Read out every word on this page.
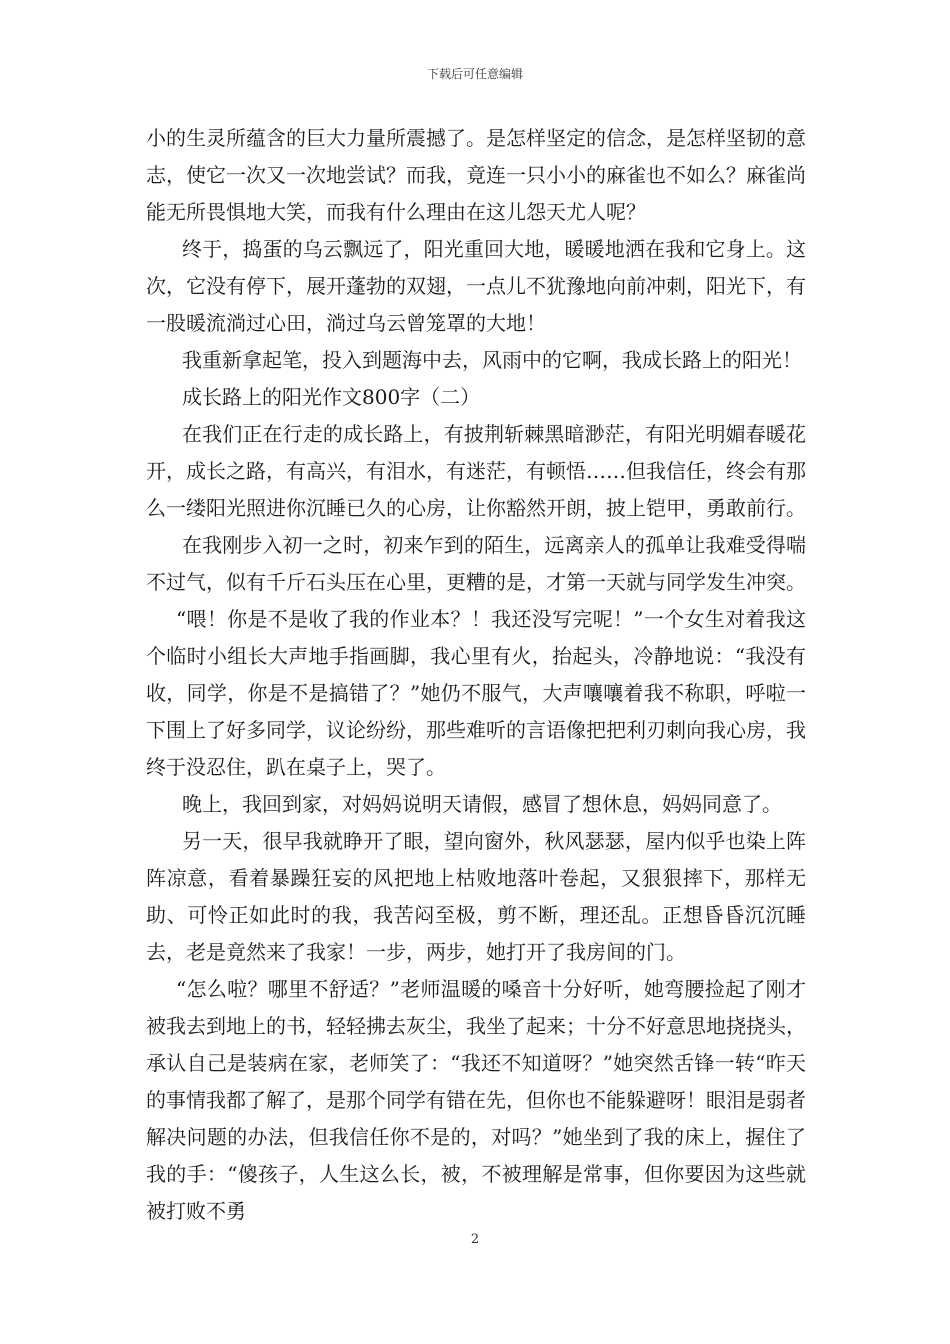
下载后可任意编辑

小的生灵所蕴含的巨大力量所震撼了。是怎样坚定的信念，是怎样坚韧的意志，使它一次又一次地尝试？而我，竟连一只小小的麻雀也不如么？麻雀尚能无所畏惧地大笑，而我有什么理由在这儿怨天尤人呢？

终于，捣蛋的乌云飘远了，阳光重回大地，暖暖地洒在我和它身上。这次，它没有停下，展开蓬勃的双翅，一点儿不犹豫地向前冲刺，阳光下，有一股暖流淌过心田，淌过乌云曾笼罩的大地！

我重新拿起笔，投入到题海中去，风雨中的它啊，我成长路上的阳光！

成长路上的阳光作文800字（二）

在我们正在行走的成长路上，有披荆斩棘黑暗渺茫，有阳光明媚春暖花开，成长之路，有高兴，有泪水，有迷茫，有顿悟……但我信任，终会有那么一缕阳光照进你沉睡已久的心房，让你豁然开朗，披上铠甲，勇敢前行。

在我刚步入初一之时，初来乍到的陌生，远离亲人的孤单让我难受得喘不过气，似有千斤石头压在心里，更糟的是，才第一天就与同学发生冲突。

“喂！你是不是收了我的作业本？！我还没写完呢！”一个女生对着我这个临时小组长大声地手指画脚，我心里有火，抬起头，冷静地说：“我没有收，同学，你是不是搞错了？”她仍不服气，大声嚷嚷着我不称职，呼啦一下围上了好多同学，议论纷纷，那些难听的言语像把把利刃刺向我心房，我终于没忍住，趴在桌子上，哭了。

晚上，我回到家，对妈妈说明天请假，感冒了想休息，妈妈同意了。

另一天，很早我就睁开了眼，望向窗外，秋风瑟瑟，屋内似乎也染上阵阵凉意，看着暴躁狂妄的风把地上枯败地落叶卷起，又狠狠摔下，那样无助、可怜正如此时的我，我苦闷至极，剪不断，理还乱。正想昏昏沉沉睡去，老是竟然来了我家！一步，两步，她打开了我房间的门。

“怎么啦？哪里不舒适？”老师温暖的嗓音十分好听，她弯腰捡起了刚才被我去到地上的书，轻轻拂去灰尘，我坐了起来；十分不好意思地挠挠头，承认自己是装病在家，老师笑了：“我还不知道呀？”她突然舌锋一转“昨天的事情我都了解了，是那个同学有错在先，但你也不能躲避呀！眼泪是弱者解决问题的办法，但我信任你不是的，对吗？”她坐到了我的床上，握住了我的手：“傻孩子，人生这么长，被，不被理解是常事，但你要因为这些就被打败不勇

2
